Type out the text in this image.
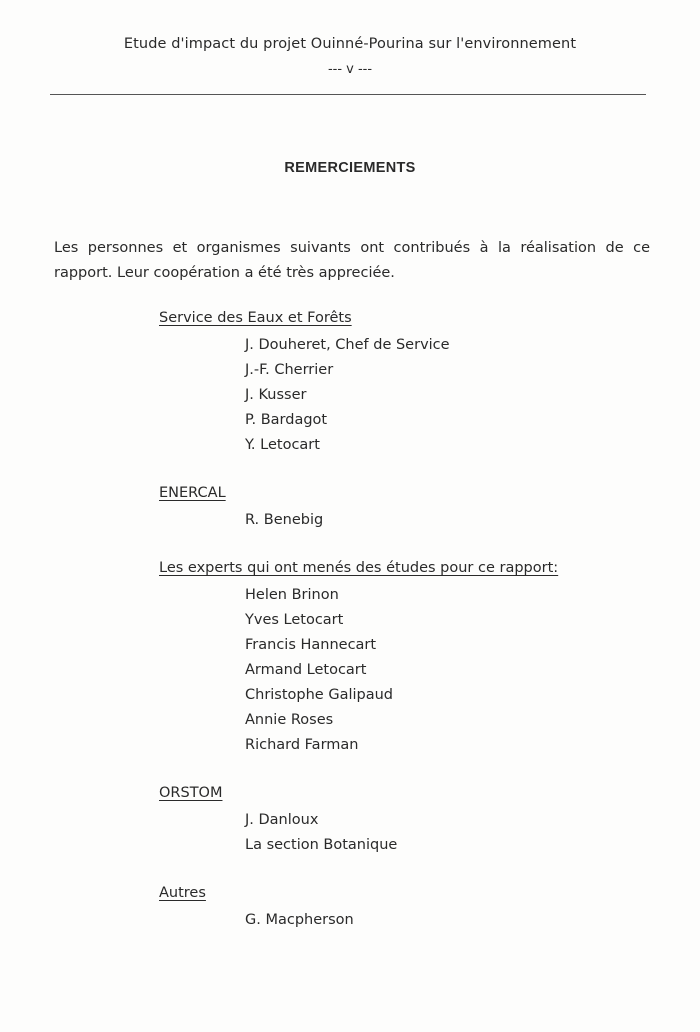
Etude d'impact du projet Ouinné-Pourina sur l'environnement
--- v ---
REMERCIEMENTS
Les personnes et organismes suivants ont contribués à la réalisation de ce rapport. Leur coopération a été très appreciée.
Service des Eaux et Forêts
J. Douheret, Chef de Service
J.-F. Cherrier
J. Kusser
P. Bardagot
Y. Letocart
ENERCAL
R. Benebig
Les experts qui ont menés des études pour ce rapport:
Helen Brinon
Yves Letocart
Francis Hannecart
Armand Letocart
Christophe Galipaud
Annie Roses
Richard Farman
ORSTOM
J. Danloux
La section Botanique
Autres
G. Macpherson
